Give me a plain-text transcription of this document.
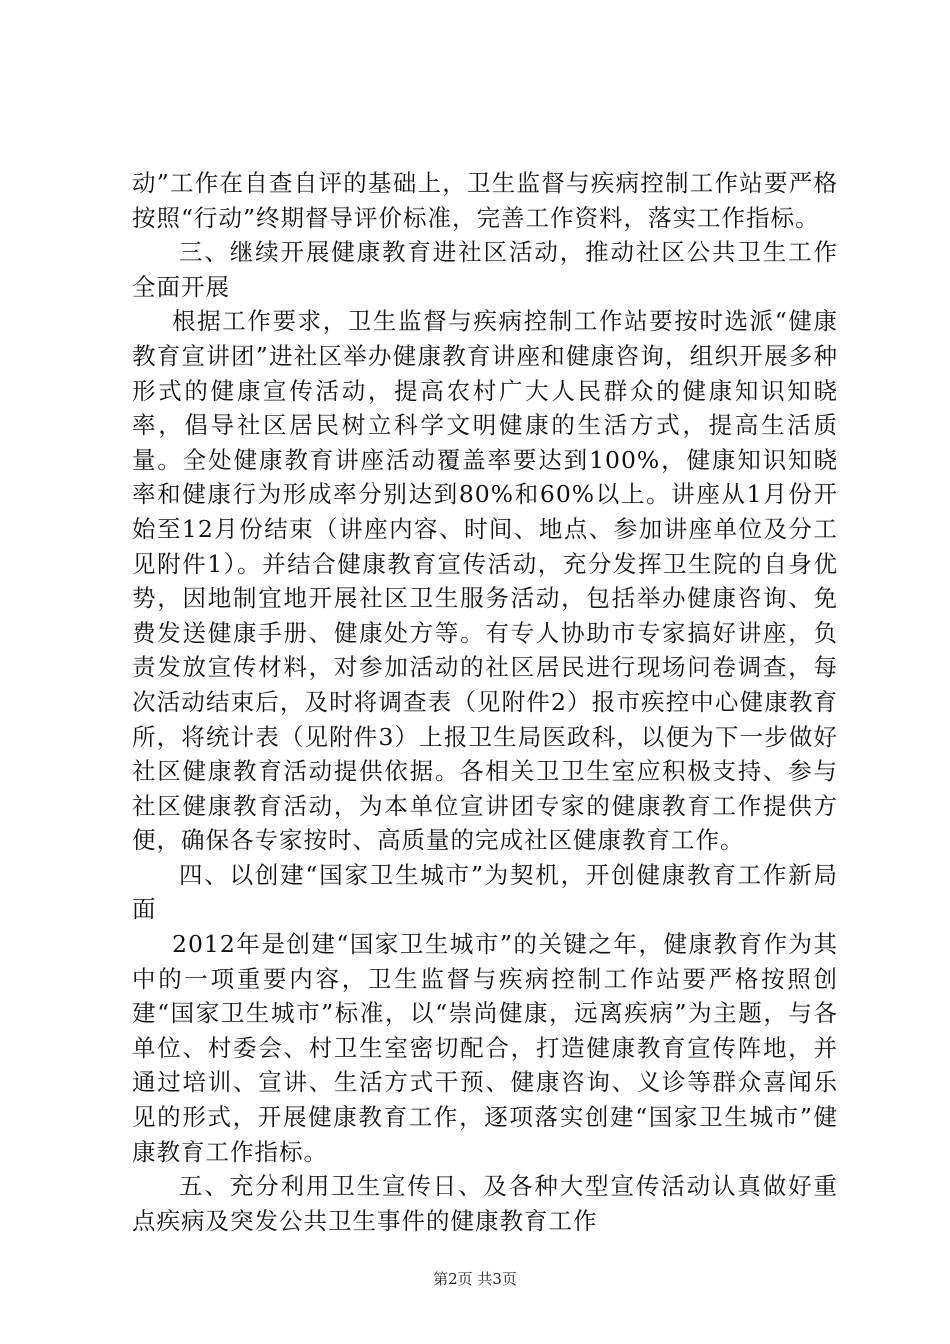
动”工作在自查自评的基础上，卫生监督与疾病控制工作站要严格按照“行动”终期督导评价标准，完善工作资料，落实工作指标。

三、继续开展健康教育进社区活动，推动社区公共卫生工作全面开展

根据工作要求，卫生监督与疾病控制工作站要按时选派“健康教育宣讲团”进社区举办健康教育讲座和健康咨询，组织开展多种形式的健康宣传活动，提高农村广大人民群众的健康知识知晓率，倡导社区居民树立科学文明健康的生活方式，提高生活质量。全处健康教育讲座活动覆盖率要达到100%，健康知识知晓率和健康行为形成率分别达到80%和60%以上。讲座从1月份开始至12月份结束（讲座内容、时间、地点、参加讲座单位及分工见附件1）。并结合健康教育宣传活动，充分发挥卫生院的自身优势，因地制宜地开展社区卫生服务活动，包括举办健康咨询、免费发送健康手册、健康处方等。有专人协助市专家搞好讲座，负责发放宣传材料，对参加活动的社区居民进行现场问卷调查，每次活动结束后，及时将调查表（见附件2）报市疾控中心健康教育所，将统计表（见附件3）上报卫生局医政科，以便为下一步做好社区健康教育活动提供依据。各相关卫卫生室应积极支持、参与社区健康教育活动，为本单位宣讲团专家的健康教育工作提供方便，确保各专家按时、高质量的完成社区健康教育工作。

四、以创建“国家卫生城市”为契机，开创健康教育工作新局面

2012年是创建“国家卫生城市”的关键之年，健康教育作为其中的一项重要内容，卫生监督与疾病控制工作站要严格按照创建“国家卫生城市”标准，以“崇尚健康，远离疾病”为主题，与各单位、村委会、村卫生室密切配合，打造健康教育宣传阵地，并通过培训、宣讲、生活方式干预、健康咨询、义诊等群众喜闻乐见的形式，开展健康教育工作，逐项落实创建“国家卫生城市”健康教育工作指标。

五、充分利用卫生宣传日、及各种大型宣传活动认真做好重点疾病及突发公共卫生事件的健康教育工作

第2页 共3页
